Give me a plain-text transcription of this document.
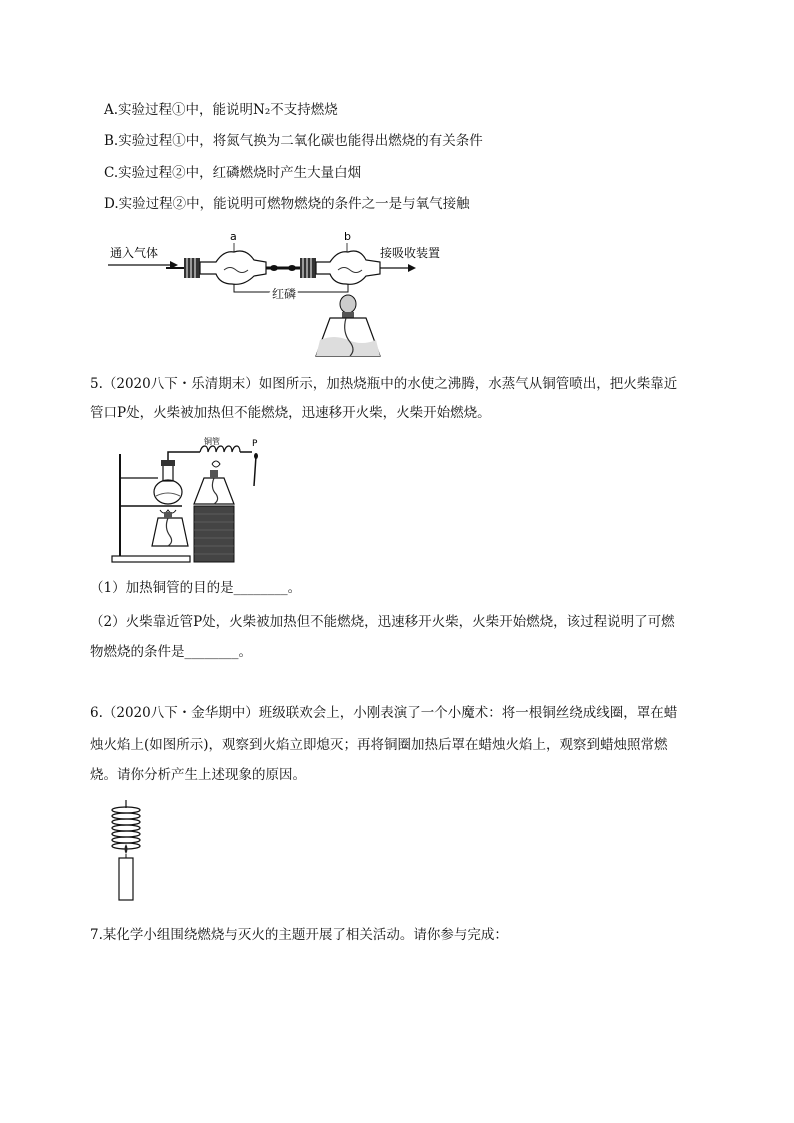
A.实验过程①中，能说明N₂不支持燃烧
B.实验过程①中，将氮气换为二氧化碳也能得出燃烧的有关条件
C.实验过程②中，红磷燃烧时产生大量白烟
D.实验过程②中，能说明可燃物燃烧的条件之一是与氧气接触
通入气体
a	b
接吸收装置
红磷
5.（2020八下・乐清期末）如图所示，加热烧瓶中的水使之沸腾，水蒸气从铜管喷出，把火柴靠近
管口P处，火柴被加热但不能燃烧，迅速移开火柴，火柴开始燃烧。
铜管	P
（1）加热铜管的目的是________。
（2）火柴靠近管P处，火柴被加热但不能燃烧，迅速移开火柴，火柴开始燃烧，该过程说明了可燃
物燃烧的条件是________。
6.（2020八下・金华期中）班级联欢会上，小刚表演了一个小魔术：将一根铜丝绕成线圈，罩在蜡
烛火焰上(如图所示)，观察到火焰立即熄灭；再将铜圈加热后罩在蜡烛火焰上，观察到蜡烛照常燃
烧。请你分析产生上述现象的原因。
7.某化学小组围绕燃烧与灭火的主题开展了相关活动。请你参与完成：
